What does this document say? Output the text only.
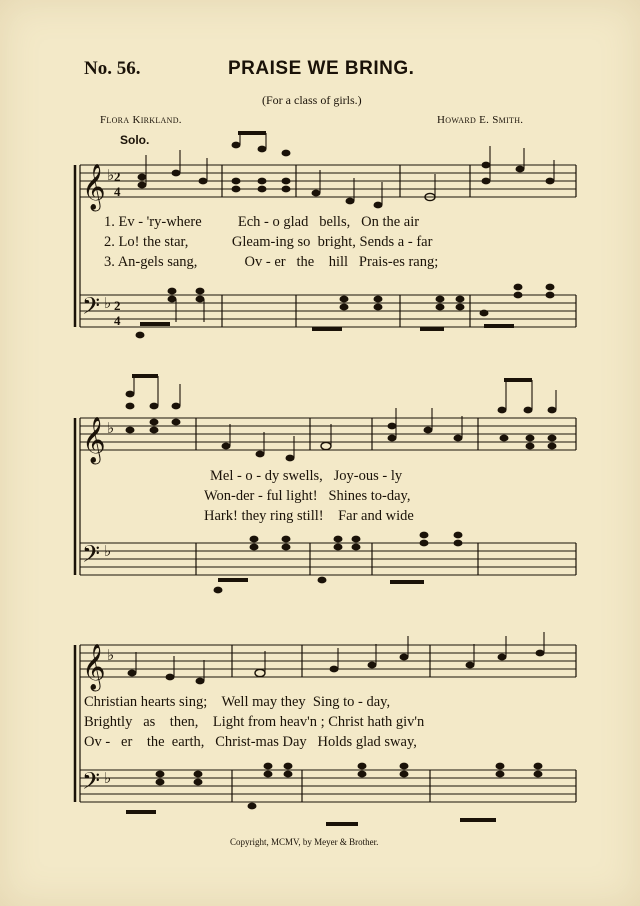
No. 56.	PRAISE WE BRING.
(For a class of girls.)
Flora Kirkland.	Howard E. Smith.
Solo.
𝄞 ♭ 2
4
𝄢 ♭ 2
4
1. Ev - 'ry-where          Ech - o glad   bells,   On the air
2. Lo! the star,            Gleam-ing so  bright, Sends a - far
3. An-gels sang,             Ov - er   the    hill   Prais-es rang;
𝄞 ♭
𝄢 ♭
Mel - o - dy swells,   Joy-ous - ly
Won-der - ful light!   Shines to-day,
Hark! they ring still!    Far and wide
𝄞 ♭
𝄢 ♭
Christian hearts sing;    Well may they  Sing to - day,
Brightly   as    then,    Light from heav'n ; Christ hath giv'n
Ov -   er    the  earth,   Christ-mas Day   Holds glad sway,
Copyright, MCMV, by Meyer & Brother.
